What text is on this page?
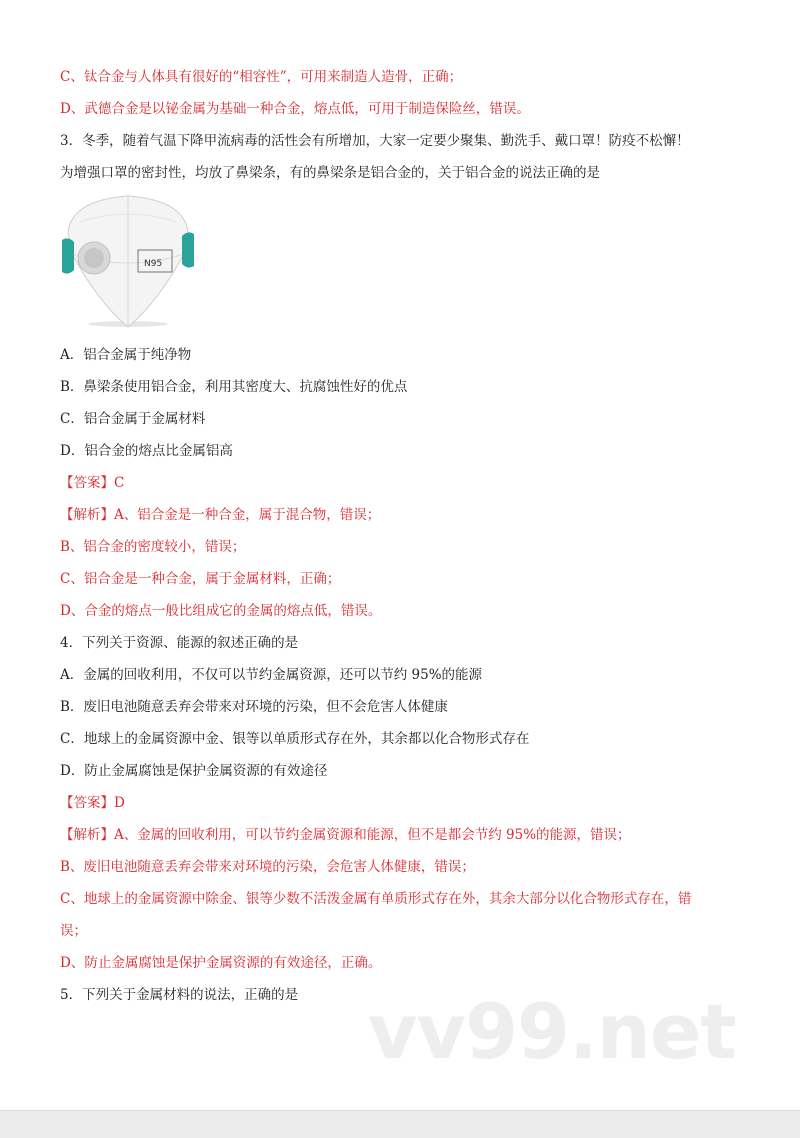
C、钛合金与人体具有很好的“相容性”，可用来制造人造骨，正确；
D、武德合金是以铋金属为基础一种合金，熔点低，可用于制造保险丝，错误。
3．冬季，随着气温下降甲流病毒的活性会有所增加，大家一定要少聚集、勤洗手、戴口罩！防疫不松懈！
为增强口罩的密封性，均放了鼻梁条，有的鼻梁条是铝合金的，关于铝合金的说法正确的是
N95
A．铝合金属于纯净物
B．鼻梁条使用铝合金，利用其密度大、抗腐蚀性好的优点
C．铝合金属于金属材料
D．铝合金的熔点比金属铝高
【答案】C
【解析】A、铝合金是一种合金，属于混合物，错误；
B、铝合金的密度较小，错误；
C、铝合金是一种合金，属于金属材料，正确；
D、合金的熔点一般比组成它的金属的熔点低，错误。
4．下列关于资源、能源的叙述正确的是
A．金属的回收利用，不仅可以节约金属资源，还可以节约 95%的能源
B．废旧电池随意丢弃会带来对环境的污染，但不会危害人体健康
C．地球上的金属资源中金、银等以单质形式存在外，其余都以化合物形式存在
D．防止金属腐蚀是保护金属资源的有效途径
【答案】D
【解析】A、金属的回收利用，可以节约金属资源和能源，但不是都会节约 95%的能源，错误；
B、废旧电池随意丢弃会带来对环境的污染，会危害人体健康，错误；
C、地球上的金属资源中除金、银等少数不活泼金属有单质形式存在外，其余大部分以化合物形式存在，错
误；
D、防止金属腐蚀是保护金属资源的有效途径，正确。
5．下列关于金属材料的说法，正确的是 vv99.net
